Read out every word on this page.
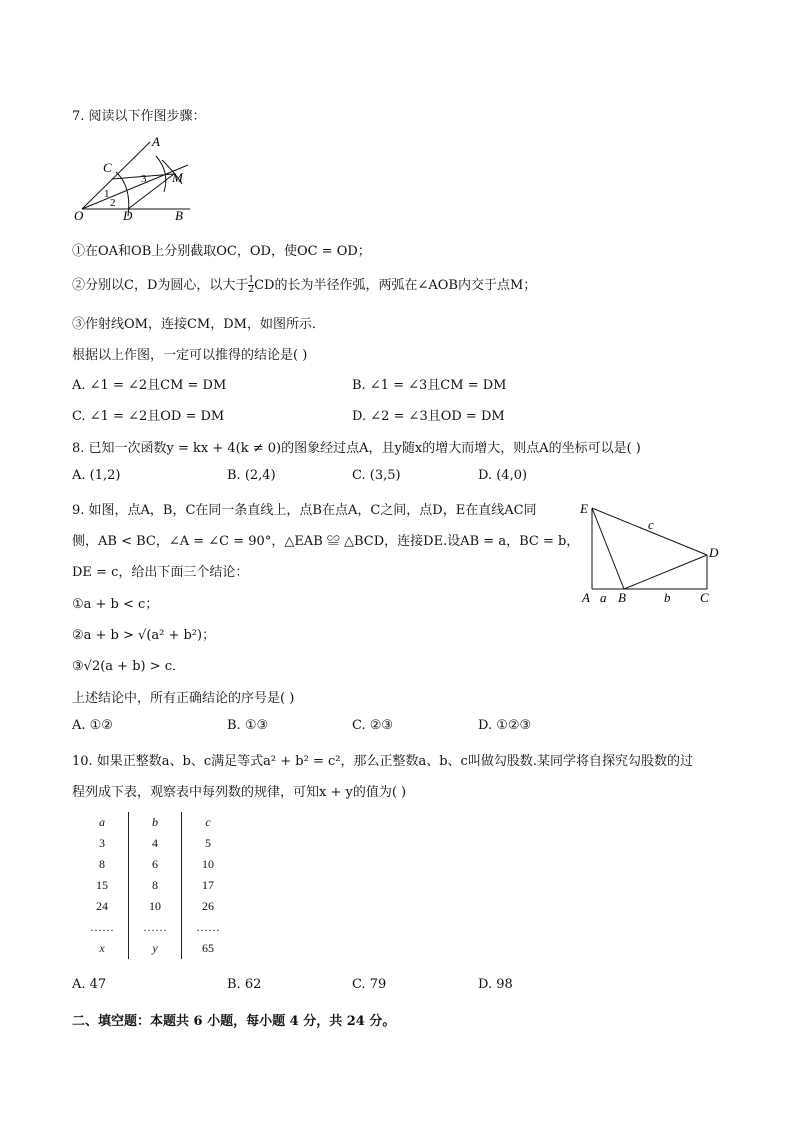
7. 阅读以下作图步骤：
A
C
M
O	D	B
1
2
3
①在OA和OB上分别截取OC，OD，使OC = OD；
②分别以C，D为圆心，以大于 $\frac{1}{2}$ CD的长为半径作弧，两弧在∠AOB内交于点M；
③作射线OM，连接CM，DM，如图所示．
根据以上作图，一定可以推得的结论是( )
A. ∠1 = ∠2且CM = DM	B. ∠1 = ∠3且CM = DM
C. ∠1 = ∠2且OD = DM	D. ∠2 = ∠3且OD = DM
8. 已知一次函数y = kx + 4(k ≠ 0)的图象经过点A，且y随x的增大而增大，则点A的坐标可以是( )
A. (1,2)	B. (2,4)	C. (3,5)	D. (4,0)
9. 如图，点A，B，C在同一条直线上，点B在点A，C之间，点D，E在直线AC同
侧，AB < BC，∠A = ∠C = 90°，△EAB ≌ △BCD，连接DE.设AB = a，BC = b，
DE = c，给出下面三个结论：
①a + b < c；
②a + b > √(a² + b²)；
③√2(a + b) > c．
上述结论中，所有正确结论的序号是( )
A. ①②	B. ①③	C. ②③	D. ①②③
E
D
c
A a B	b C
10. 如果正整数a、b、c满足等式a² + b² = c²，那么正整数a、b、c叫做勾股数.某同学将自探究勾股数的过
程列成下表，观察表中每列数的规律，可知x + y的值为( )
a	b	c
3	4	5
8	6	10
15	8	17
24	10	26
……	……	……
x	y	65
A. 47	B. 62	C. 79	D. 98
二、填空题：本题共 6 小题，每小题 4 分，共 24 分。
